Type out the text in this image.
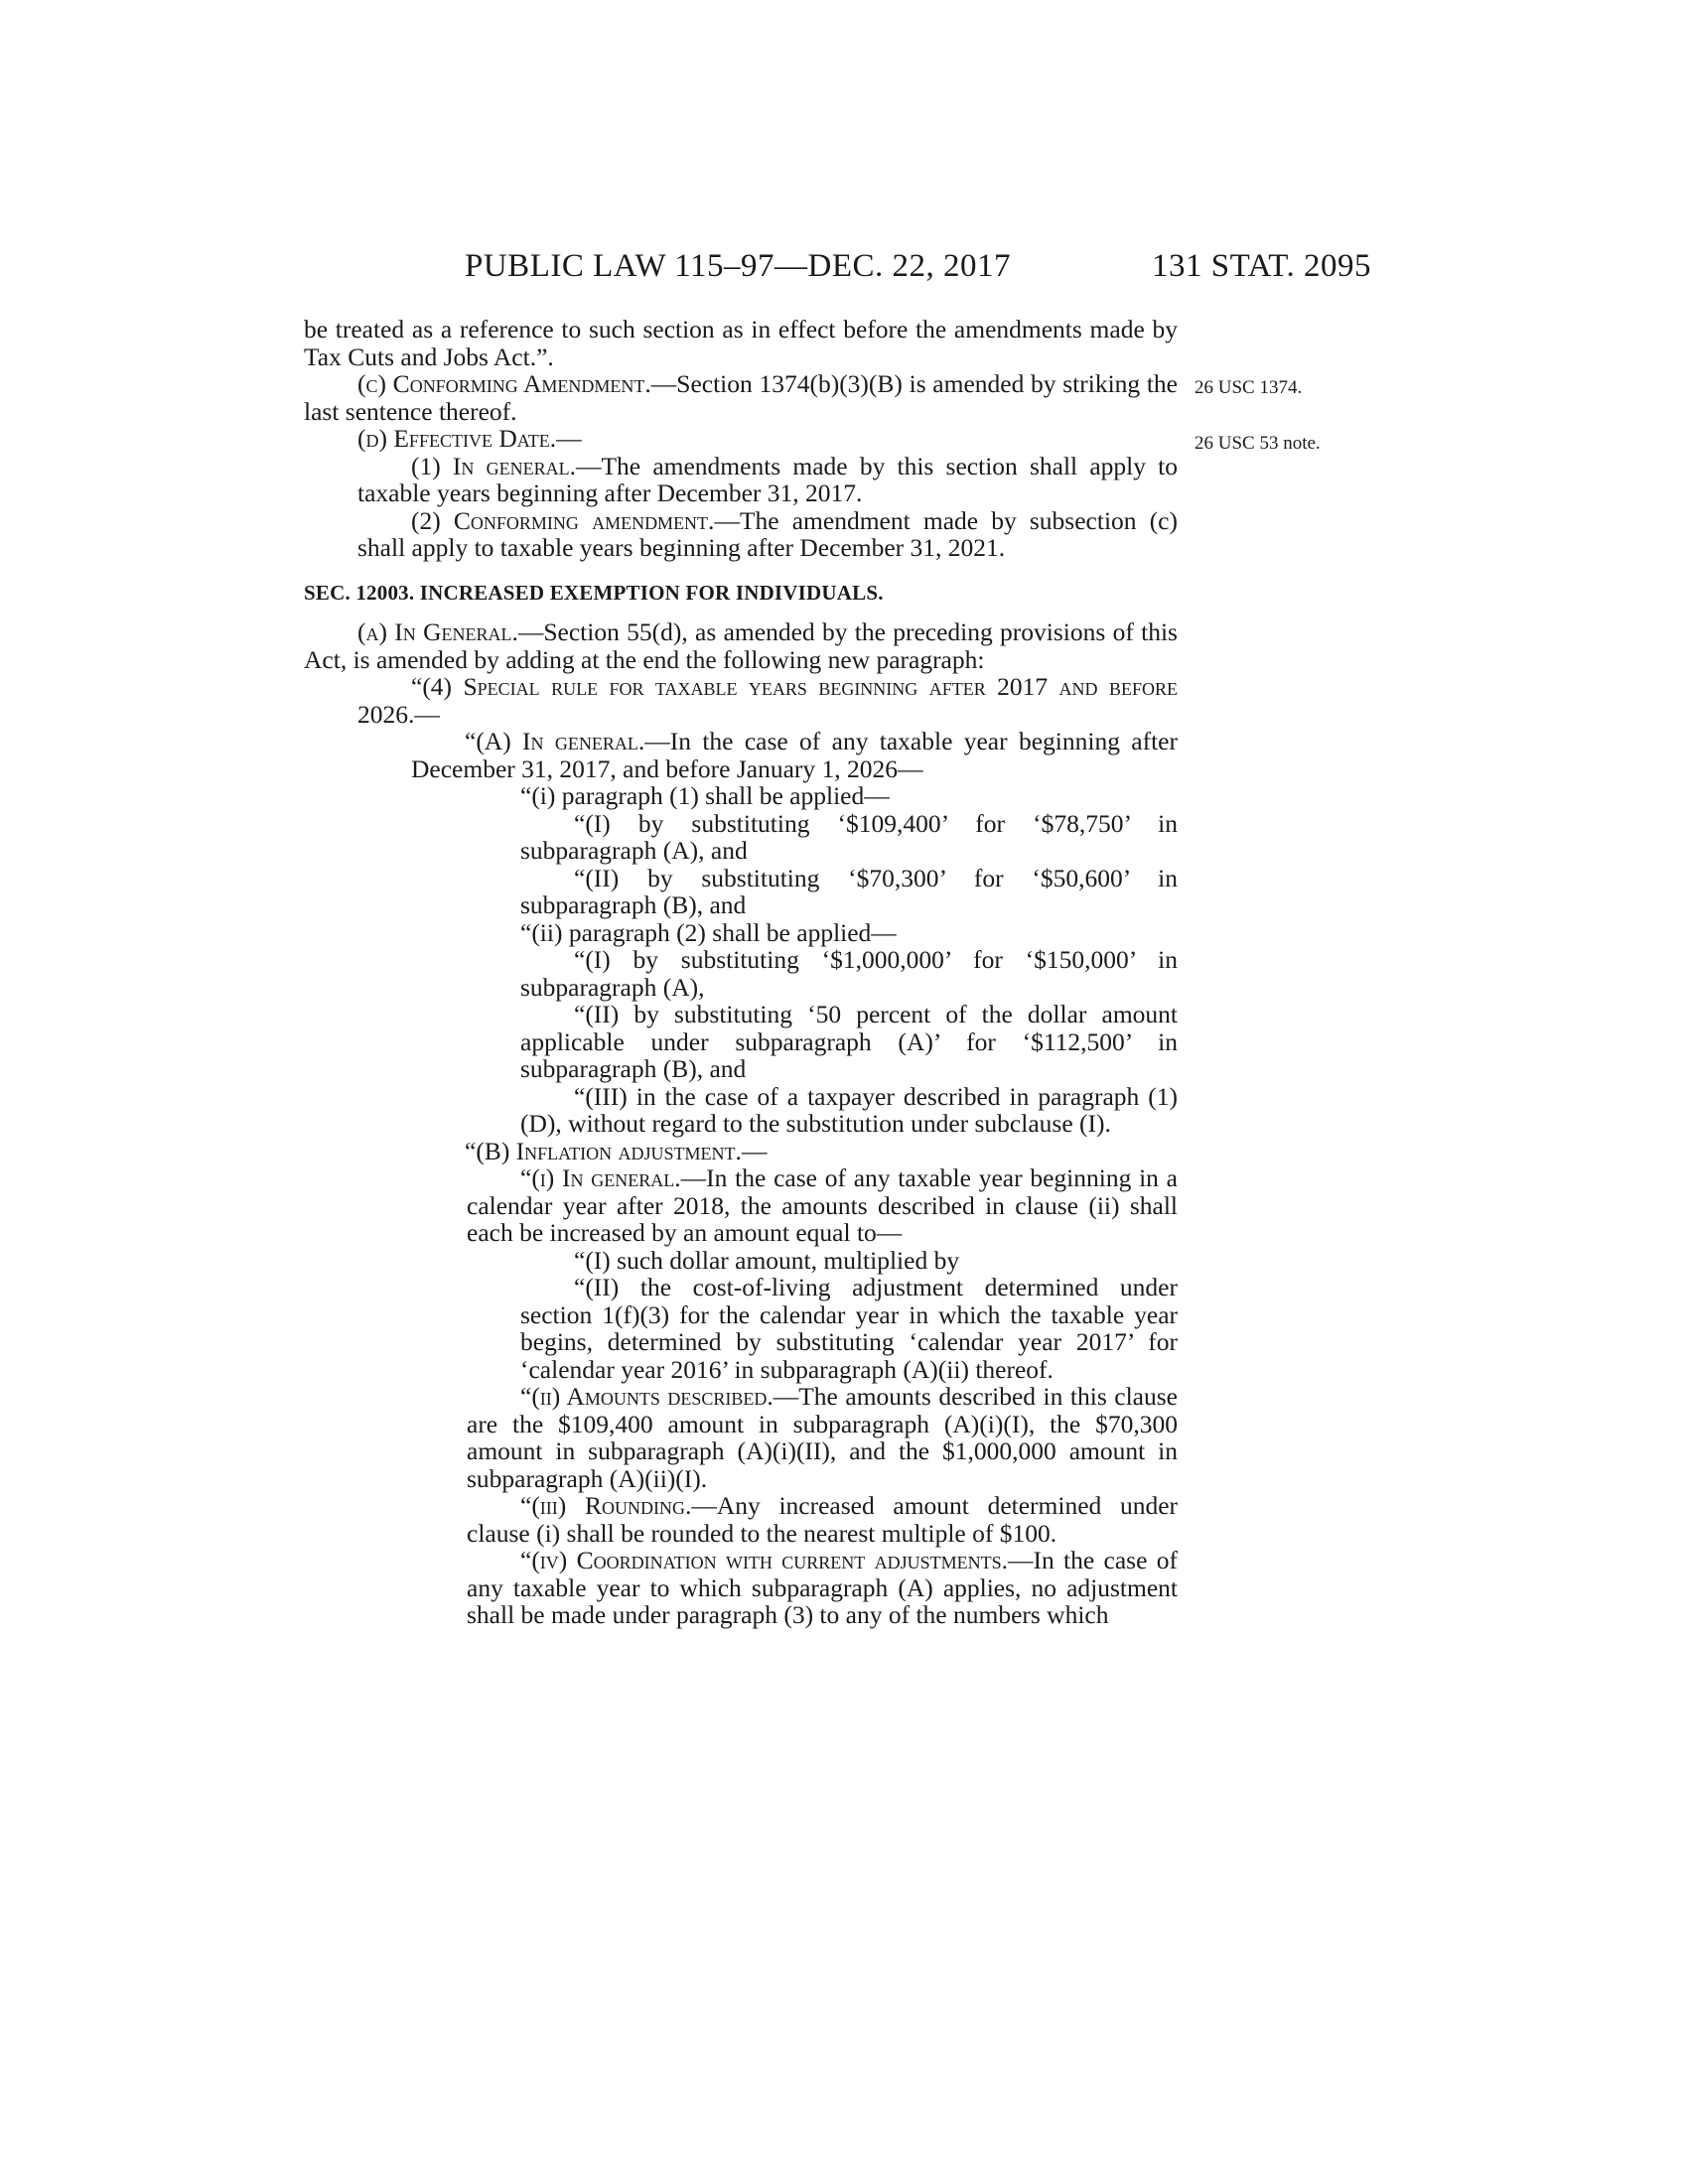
PUBLIC LAW 115–97—DEC. 22, 2017	131 STAT. 2095
26 USC 1374.
26 USC 53 note.

be treated as a reference to such section as in effect before the amendments made by Tax Cuts and Jobs Act.”.

(c) Conforming Amendment.—Section 1374(b)(3)(B) is amended by striking the last sentence thereof.

(d) Effective Date.—

(1) In general.—The amendments made by this section shall apply to taxable years beginning after December 31, 2017.

(2) Conforming amendment.—The amendment made by subsection (c) shall apply to taxable years beginning after December 31, 2021.

SEC. 12003. INCREASED EXEMPTION FOR INDIVIDUALS.

(a) In General.—Section 55(d), as amended by the preceding provisions of this Act, is amended by adding at the end the following new paragraph:

“(4) Special rule for taxable years beginning after 2017 and before 2026.—

“(A) In general.—In the case of any taxable year beginning after December 31, 2017, and before January 1, 2026—

“(i) paragraph (1) shall be applied—

“(I) by substituting ‘$109,400’ for ‘$78,750’ in subparagraph (A), and

“(II) by substituting ‘$70,300’ for ‘$50,600’ in subparagraph (B), and

“(ii) paragraph (2) shall be applied—

“(I) by substituting ‘$1,000,000’ for ‘$150,000’ in subparagraph (A),

“(II) by substituting ‘50 percent of the dollar amount applicable under subparagraph (A)’ for ‘$112,500’ in subparagraph (B), and

“(III) in the case of a taxpayer described in paragraph (1)(D), without regard to the substitution under subclause (I).

“(B) Inflation adjustment.—

“(i) In general.—In the case of any taxable year beginning in a calendar year after 2018, the amounts described in clause (ii) shall each be increased by an amount equal to—

“(I) such dollar amount, multiplied by

“(II) the cost-of-living adjustment determined under section 1(f)(3) for the calendar year in which the taxable year begins, determined by substituting ‘calendar year 2017’ for ‘calendar year 2016’ in subparagraph (A)(ii) thereof.

“(ii) Amounts described.—The amounts described in this clause are the $109,400 amount in subparagraph (A)(i)(I), the $70,300 amount in subparagraph (A)(i)(II), and the $1,000,000 amount in subparagraph (A)(ii)(I).

“(iii) Rounding.—Any increased amount determined under clause (i) shall be rounded to the nearest multiple of $100.

“(iv) Coordination with current adjustments.—In the case of any taxable year to which subparagraph (A) applies, no adjustment shall be made under paragraph (3) to any of the numbers which
